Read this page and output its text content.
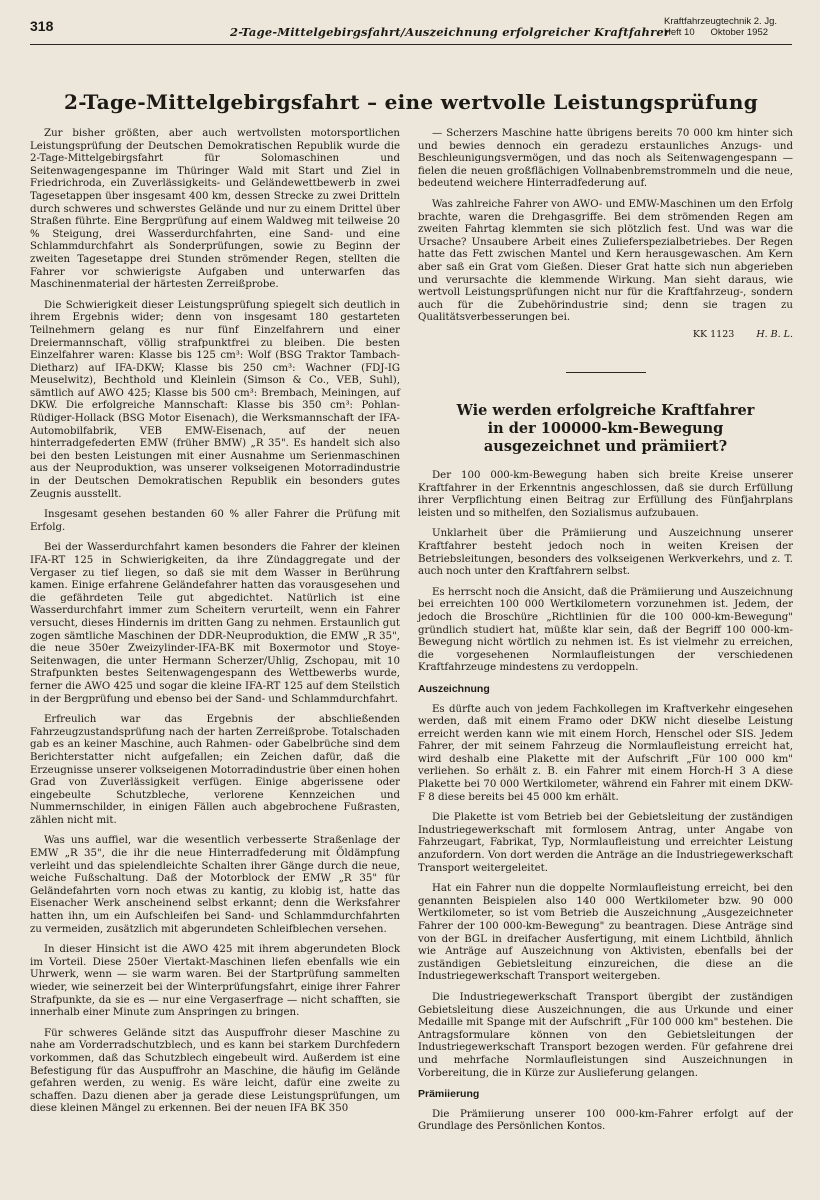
318	2-Tage-Mittelgebirgsfahrt/Auszeichnung erfolgreicher Kraftfahrer
Kraftfahrzeugtechnik 2. Jg.
Heft 10      Oktober 1952
2-Tage-Mittelgebirgsfahrt – eine wertvolle Leistungsprüfung

Zur bisher größten, aber auch wertvollsten motorsportlichen Leistungsprüfung der Deutschen Demokratischen Republik wurde die 2-Tage-Mittelgebirgsfahrt für Solomaschinen und Seitenwagengespanne im Thüringer Wald mit Start und Ziel in Friedrichroda, ein Zuverlässigkeits- und Geländewettbewerb in zwei Tagesetappen über insgesamt 400 km, dessen Strecke zu zwei Dritteln durch schweres und schwerstes Gelände und nur zu einem Drittel über Straßen führte. Eine Bergprüfung auf einem Waldweg mit teilweise 20 % Steigung, drei Wasserdurchfahrten, eine Sand- und eine Schlammdurchfahrt als Sonderprüfungen, sowie zu Beginn der zweiten Tagesetappe drei Stunden strömender Regen, stellten die Fahrer vor schwierigste Aufgaben und unterwarfen das Maschinenmaterial der härtesten Zerreißprobe.

Die Schwierigkeit dieser Leistungsprüfung spiegelt sich deutlich in ihrem Ergebnis wider; denn von insgesamt 180 gestarteten Teilnehmern gelang es nur fünf Einzelfahrern und einer Dreiermannschaft, völlig strafpunktfrei zu bleiben. Die besten Einzelfahrer waren: Klasse bis 125 cm³: Wolf (BSG Traktor Tambach-Dietharz) auf IFA-DKW; Klasse bis 250 cm³: Wachner (FDJ-IG Meuselwitz), Bechthold und Kleinlein (Simson & Co., VEB, Suhl), sämtlich auf AWO 425; Klasse bis 500 cm³: Brembach, Meiningen, auf DKW. Die erfolgreiche Mannschaft: Klasse bis 350 cm³: Pohlan-Rüdiger-Hollack (BSG Motor Eisenach), die Werksmannschaft der IFA-Automobilfabrik, VEB EMW-Eisenach, auf der neuen hinterradgefederten EMW (früher BMW) „R 35". Es handelt sich also bei den besten Leistungen mit einer Ausnahme um Serienmaschinen aus der Neuproduktion, was unserer volkseigenen Motorradindustrie in der Deutschen Demokratischen Republik ein besonders gutes Zeugnis ausstellt.

Insgesamt gesehen bestanden 60 % aller Fahrer die Prüfung mit Erfolg.

Bei der Wasserdurchfahrt kamen besonders die Fahrer der kleinen IFA-RT 125 in Schwierigkeiten, da ihre Zündaggregate und der Vergaser zu tief liegen, so daß sie mit dem Wasser in Berührung kamen. Einige erfahrene Geländefahrer hatten das vorausgesehen und die gefährdeten Teile gut abgedichtet. Natürlich ist eine Wasserdurchfahrt immer zum Scheitern verurteilt, wenn ein Fahrer versucht, dieses Hindernis im dritten Gang zu nehmen. Erstaunlich gut zogen sämtliche Maschinen der DDR-Neuproduktion, die EMW „R 35", die neue 350er Zweizylinder-IFA-BK mit Boxermotor und Stoye-Seitenwagen, die unter Hermann Scherzer/Uhlig, Zschopau, mit 10 Strafpunkten bestes Seitenwagengespann des Wettbewerbs wurde, ferner die AWO 425 und sogar die kleine IFA-RT 125 auf dem Steilstich in der Bergprüfung und ebenso bei der Sand- und Schlammdurchfahrt.

Erfreulich war das Ergebnis der abschließenden Fahrzeugzustandsprüfung nach der harten Zerreißprobe. Totalschaden gab es an keiner Maschine, auch Rahmen- oder Gabelbrüche sind dem Berichterstatter nicht aufgefallen; ein Zeichen dafür, daß die Erzeugnisse unserer volkseigenen Motorradindustrie über einen hohen Grad von Zuverlässigkeit verfügen. Einige abgerissene oder eingebeulte Schutzbleche, verlorene Kennzeichen und Nummernschilder, in einigen Fällen auch abgebrochene Fußrasten, zählen nicht mit.

Was uns auffiel, war die wesentlich verbesserte Straßenlage der EMW „R 35", die ihr die neue Hinterradfederung mit Öldämpfung verleiht und das spielendleichte Schalten ihrer Gänge durch die neue, weiche Fußschaltung. Daß der Motorblock der EMW „R 35" für Geländefahrten vorn noch etwas zu kantig, zu klobig ist, hatte das Eisenacher Werk anscheinend selbst erkannt; denn die Werksfahrer hatten ihn, um ein Aufschleifen bei Sand- und Schlammdurchfahrten zu vermeiden, zusätzlich mit abgerundeten Schleifblechen versehen.

In dieser Hinsicht ist die AWO 425 mit ihrem abgerundeten Block im Vorteil. Diese 250er Viertakt-Maschinen liefen ebenfalls wie ein Uhrwerk, wenn — sie warm waren. Bei der Startprüfung sammelten wieder, wie seinerzeit bei der Winterprüfungsfahrt, einige ihrer Fahrer Strafpunkte, da sie es — nur eine Vergaserfrage — nicht schafften, sie innerhalb einer Minute zum Anspringen zu bringen.

Für schweres Gelände sitzt das Auspuffrohr dieser Maschine zu nahe am Vorderradschutzblech, und es kann bei starkem Durchfedern vorkommen, daß das Schutzblech eingebeult wird. Außerdem ist eine Befestigung für das Auspuffrohr an Maschine, die häufig im Gelände gefahren werden, zu wenig. Es wäre leicht, dafür eine zweite zu schaffen. Dazu dienen aber ja gerade diese Leistungsprüfungen, um diese kleinen Mängel zu erkennen. Bei der neuen IFA BK 350

— Scherzers Maschine hatte übrigens bereits 70 000 km hinter sich und bewies dennoch ein geradezu erstaunliches Anzugs- und Beschleunigungsvermögen, und das noch als Seitenwagengespann — fielen die neuen großflächigen Vollnabenbremstrommeln und die neue, bedeutend weichere Hinterradfederung auf.

Was zahlreiche Fahrer von AWO- und EMW-Maschinen um den Erfolg brachte, waren die Drehgasgriffe. Bei dem strömenden Regen am zweiten Fahrtag klemmten sie sich plötzlich fest. Und was war die Ursache? Unsaubere Arbeit eines Zulieferspezialbetriebes. Der Regen hatte das Fett zwischen Mantel und Kern herausgewaschen. Am Kern aber saß ein Grat vom Gießen. Dieser Grat hatte sich nun abgerieben und verursachte die klemmende Wirkung. Man sieht daraus, wie wertvoll Leistungsprüfungen nicht nur für die Kraftfahrzeug-, sondern auch für die Zubehörindustrie sind; denn sie tragen zu Qualitätsverbesserungen bei.

KK 1123 H. B. L.
Wie werden erfolgreiche Kraftfahrer
in der 100000-km-Bewegung
ausgezeichnet und prämiiert?

Der 100 000-km-Bewegung haben sich breite Kreise unserer Kraftfahrer in der Erkenntnis angeschlossen, daß sie durch Erfüllung ihrer Verpflichtung einen Beitrag zur Erfüllung des Fünfjahrplans leisten und so mithelfen, den Sozialismus aufzubauen.

Unklarheit über die Prämiierung und Auszeichnung unserer Kraftfahrer besteht jedoch noch in weiten Kreisen der Betriebsleitungen, besonders des volkseigenen Werkverkehrs, und z. T. auch noch unter den Kraftfahrern selbst.

Es herrscht noch die Ansicht, daß die Prämiierung und Auszeichnung bei erreichten 100 000 Wertkilometern vorzunehmen ist. Jedem, der jedoch die Broschüre „Richtlinien für die 100 000-km-Bewegung" gründlich studiert hat, müßte klar sein, daß der Begriff 100 000-km-Bewegung nicht wörtlich zu nehmen ist. Es ist vielmehr zu erreichen, die vorgesehenen Normlaufleistungen der verschiedenen Kraftfahrzeuge mindestens zu verdoppeln.

Auszeichnung

Es dürfte auch von jedem Fachkollegen im Kraftverkehr eingesehen werden, daß mit einem Framo oder DKW nicht dieselbe Leistung erreicht werden kann wie mit einem Horch, Henschel oder SIS. Jedem Fahrer, der mit seinem Fahrzeug die Normlaufleistung erreicht hat, wird deshalb eine Plakette mit der Aufschrift „Für 100 000 km" verliehen. So erhält z. B. ein Fahrer mit einem Horch-H 3 A diese Plakette bei 70 000 Wertkilometer, während ein Fahrer mit einem DKW-F 8 diese bereits bei 45 000 km erhält.

Die Plakette ist vom Betrieb bei der Gebietsleitung der zuständigen Industriegewerkschaft mit formlosem Antrag, unter Angabe von Fahrzeugart, Fabrikat, Typ, Normlaufleistung und erreichter Leistung anzufordern. Von dort werden die Anträge an die Industriegewerkschaft Transport weitergeleitet.

Hat ein Fahrer nun die doppelte Normlaufleistung erreicht, bei den genannten Beispielen also 140 000 Wertkilometer bzw. 90 000 Wertkilometer, so ist vom Betrieb die Auszeichnung „Ausgezeichneter Fahrer der 100 000-km-Bewegung" zu beantragen. Diese Anträge sind von der BGL in dreifacher Ausfertigung, mit einem Lichtbild, ähnlich wie Anträge auf Auszeichnung von Aktivisten, ebenfalls bei der zuständigen Gebietsleitung einzureichen, die diese an die Industriegewerkschaft Transport weitergeben.

Die Industriegewerkschaft Transport übergibt der zuständigen Gebietsleitung diese Auszeichnungen, die aus Urkunde und einer Medaille mit Spange mit der Aufschrift „Für 100 000 km" bestehen. Die Antragsformulare können von den Gebietsleitungen der Industriegewerkschaft Transport bezogen werden. Für gefahrene drei und mehrfache Normlaufleistungen sind Auszeichnungen in Vorbereitung, die in Kürze zur Auslieferung gelangen.

Prämiierung

Die Prämiierung unserer 100 000-km-Fahrer erfolgt auf der Grundlage des Persönlichen Kontos.
